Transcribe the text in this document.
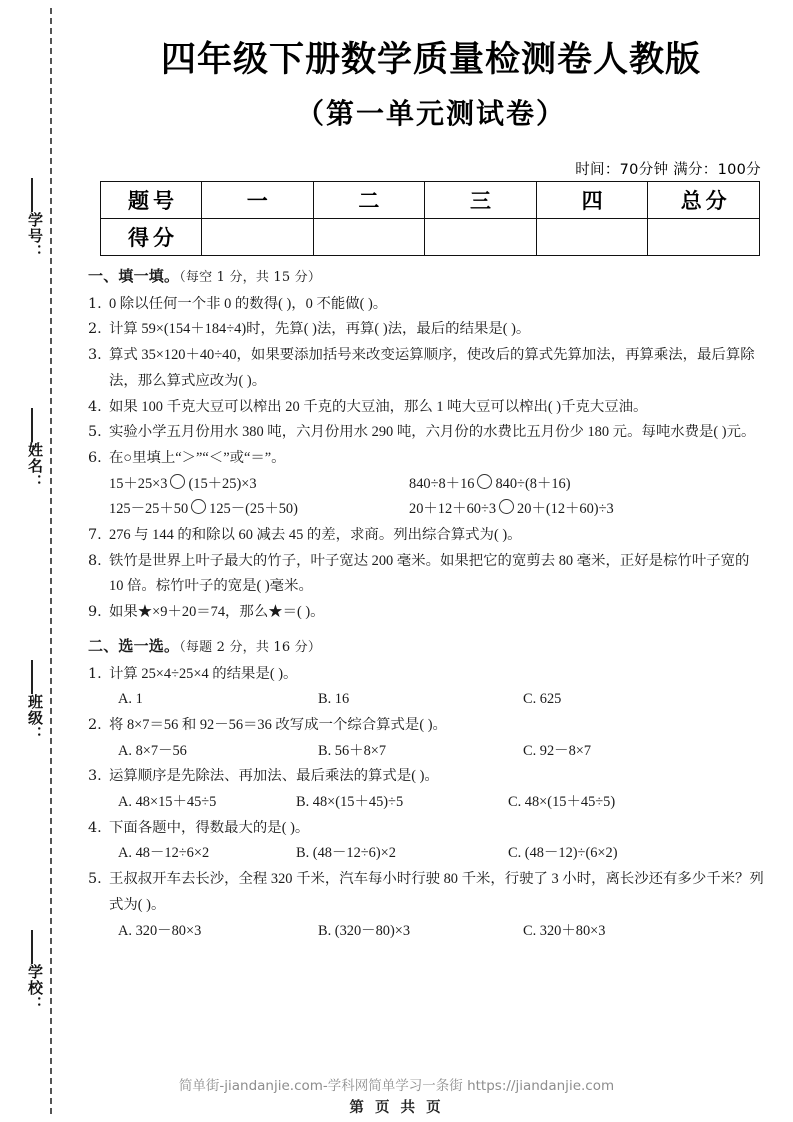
学号：
姓名：
班级：
学校：
四年级下册数学质量检测卷人教版
（第一单元测试卷）
时间：70分钟 满分：100分
题号	一	二	三	四	总分
得分					
一、填一填。（每空 1 分，共 15 分）
1. 0 除以任何一个非 0 的数得( )，0 不能做( )。
2. 计算 59×(154＋184÷4)时，先算( )法，再算( )法，最后的结果是( )。
3. 算式 35×120＋40÷40，如果要添加括号来改变运算顺序，使改后的算式先算加法，再算乘法，最后算除法，那么算式应改为( )。
4. 如果 100 千克大豆可以榨出 20 千克的大豆油，那么 1 吨大豆可以榨出( )千克大豆油。
5. 实验小学五月份用水 380 吨，六月份用水 290 吨，六月份的水费比五月份少 180 元。每吨水费是( )元。
6. 在○里填上“＞”“＜”或“＝”。
15＋25×3 (15＋25)×3	840÷8＋16 840÷(8＋16)
125－25＋50 125－(25＋50)	20＋12＋60÷3 20＋(12＋60)÷3
7. 276 与 144 的和除以 60 减去 45 的差，求商。列出综合算式为( )。
8. 铁竹是世界上叶子最大的竹子，叶子宽达 200 毫米。如果把它的宽剪去 80 毫米，正好是棕竹叶子宽的 10 倍。棕竹叶子的宽是( )毫米。
9. 如果★×9＋20＝74，那么★＝( )。
二、选一选。（每题 2 分，共 16 分）
1. 计算 25×4÷25×4 的结果是( )。
A. 1	B. 16	C. 625
2. 将 8×7＝56 和 92－56＝36 改写成一个综合算式是( )。
A. 8×7－56	B. 56＋8×7	C. 92－8×7
3. 运算顺序是先除法、再加法、最后乘法的算式是( )。
A. 48×15＋45÷5	B. 48×(15＋45)÷5	C. 48×(15＋45÷5)
4. 下面各题中，得数最大的是( )。
A. 48－12÷6×2	B. (48－12÷6)×2	C. (48－12)÷(6×2)
5. 王叔叔开车去长沙，全程 320 千米，汽车每小时行驶 80 千米，行驶了 3 小时，离长沙还有多少千米？列式为( )。
A. 320－80×3	B. (320－80)×3	C. 320＋80×3
简单街-jiandanjie.com-学科网简单学习一条街 https://jiandanjie.com
第 页 共 页
